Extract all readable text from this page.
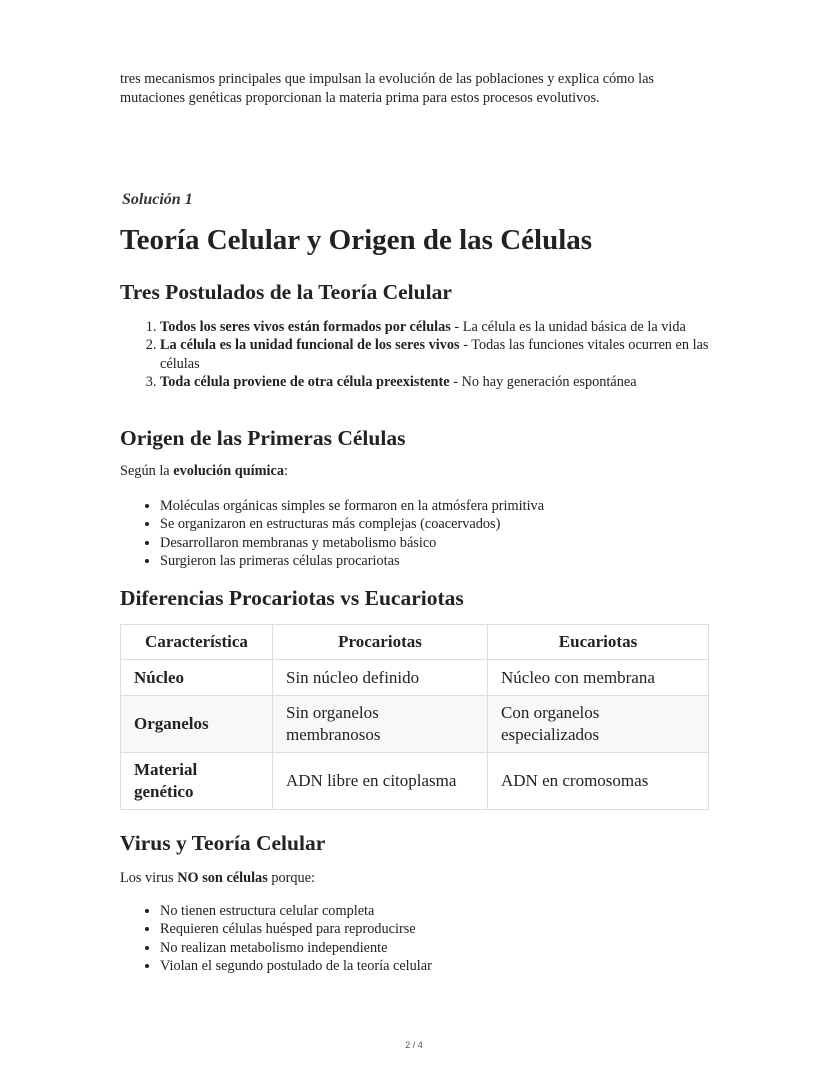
tres mecanismos principales que impulsan la evolución de las poblaciones y explica cómo las mutaciones genéticas proporcionan la materia prima para estos procesos evolutivos.

Solución 1

Teoría Celular y Origen de las Células
Tres Postulados de la Teoría Celular
1. Todos los seres vivos están formados por células - La célula es la unidad básica de la vida
2. La célula es la unidad funcional de los seres vivos - Todas las funciones vitales ocurren en las células
3. Toda célula proviene de otra célula preexistente - No hay generación espontánea
Origen de las Primeras Células

Según la evolución química:

• Moléculas orgánicas simples se formaron en la atmósfera primitiva
• Se organizaron en estructuras más complejas (coacervados)
• Desarrollaron membranas y metabolismo básico
• Surgieron las primeras células procariotas
Diferencias Procariotas vs Eucariotas
Característica	Procariotas	Eucariotas
Núcleo	Sin núcleo definido	Núcleo con membrana
Organelos	Sin organelos membranosos	Con organelos especializados
Material genético	ADN libre en citoplasma	ADN en cromosomas
Virus y Teoría Celular

Los virus NO son células porque:

• No tienen estructura celular completa
• Requieren células huésped para reproducirse
• No realizan metabolismo independiente
• Violan el segundo postulado de la teoría celular
2 / 4
